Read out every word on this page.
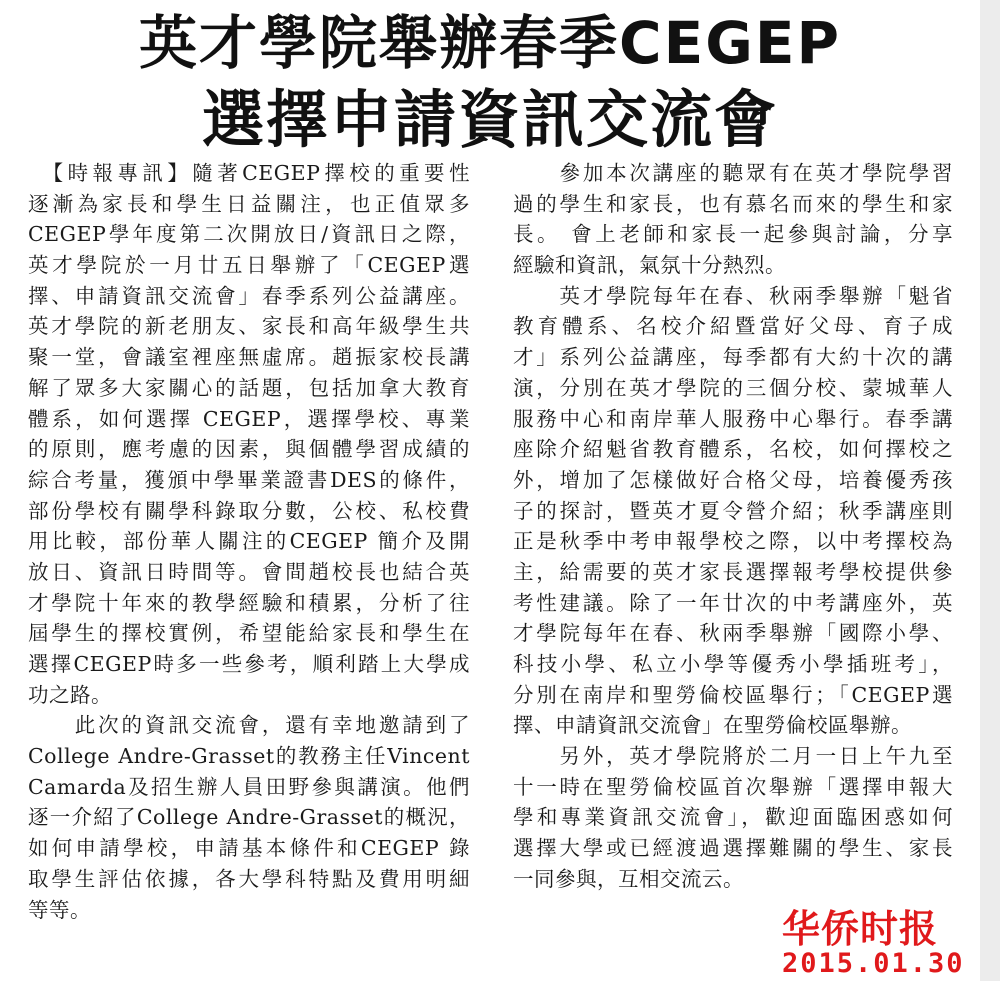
英才學院舉辦春季CEGEP
選擇申請資訊交流會
　【時報專訊】隨著CEGEP擇校的重要性
逐漸為家長和學生日益關注，也正值眾多
CEGEP學年度第二次開放日/資訊日之際，
英才學院於一月廿五日舉辦了「CEGEP選
擇、申請資訊交流會」春季系列公益講座。
英才學院的新老朋友、家長和高年級學生共
聚一堂，會議室裡座無虛席。趙振家校長講
解了眾多大家關心的話題，包括加拿大教育
體系，如何選擇 CEGEP，選擇學校、專業
的原則，應考慮的因素，與個體學習成績的
綜合考量，獲頒中學畢業證書DES的條件，
部份學校有關學科錄取分數，公校、私校費
用比較，部份華人關注的CEGEP 簡介及開
放日、資訊日時間等。會間趙校長也結合英
才學院十年來的教學經驗和積累，分析了往
屆學生的擇校實例，希望能給家長和學生在
選擇CEGEP時多一些參考，順利踏上大學成
功之路。
　　此次的資訊交流會，還有幸地邀請到了
College Andre-Grasset的教務主任Vincent
Camarda及招生辦人員田野參與講演。他們
逐一介紹了College Andre-Grasset的概況，
如何申請學校，申請基本條件和CEGEP 錄
取學生評估依據，各大學科特點及費用明細
等等。
　　參加本次講座的聽眾有在英才學院學習
過的學生和家長，也有慕名而來的學生和家
長。 會上老師和家長一起參與討論，分享
經驗和資訊，氣氛十分熱烈。
　　英才學院每年在春、秋兩季舉辦「魁省
教育體系、名校介紹暨當好父母、育子成
才」系列公益講座，每季都有大約十次的講
演，分別在英才學院的三個分校、蒙城華人
服務中心和南岸華人服務中心舉行。春季講
座除介紹魁省教育體系，名校，如何擇校之
外，增加了怎樣做好合格父母，培養優秀孩
子的探討，暨英才夏令營介紹；秋季講座則
正是秋季中考申報學校之際，以中考擇校為
主，給需要的英才家長選擇報考學校提供參
考性建議。除了一年廿次的中考講座外，英
才學院每年在春、秋兩季舉辦「國際小學、
科技小學、私立小學等優秀小學插班考」，
分別在南岸和聖勞倫校區舉行；「CEGEP選
擇、申請資訊交流會」在聖勞倫校區舉辦。
　　另外，英才學院將於二月一日上午九至
十一時在聖勞倫校區首次舉辦「選擇申報大
學和專業資訊交流會」，歡迎面臨困惑如何
選擇大學或已經渡過選擇難關的學生、家長
一同參與，互相交流云。
华侨时报
2015.01.30
